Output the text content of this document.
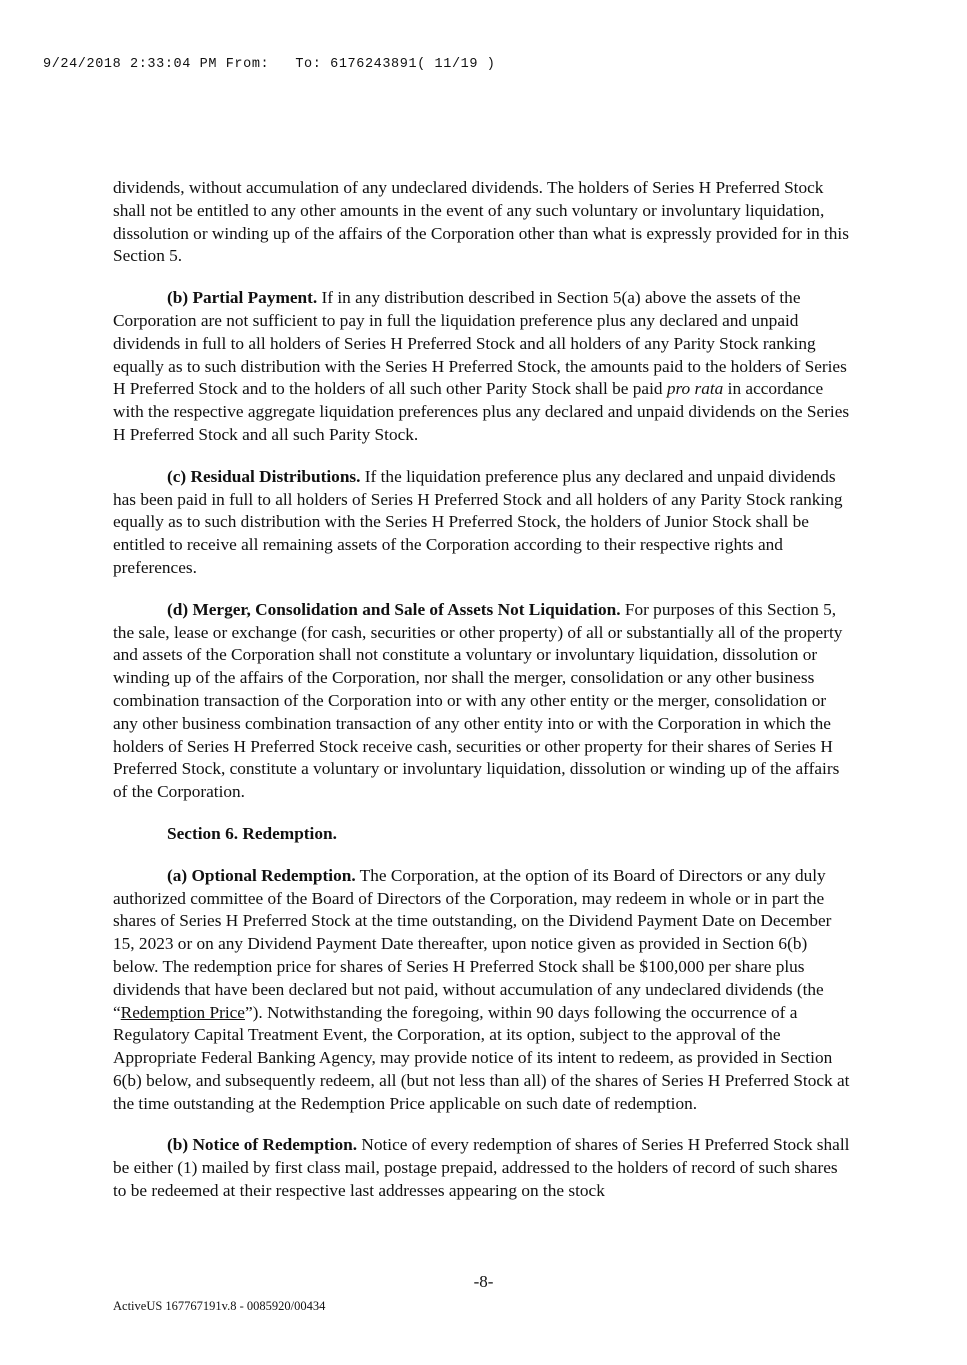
9/24/2018 2:33:04 PM From:   To: 6176243891( 11/19 )

dividends, without accumulation of any undeclared dividends. The holders of Series H Preferred Stock shall not be entitled to any other amounts in the event of any such voluntary or involuntary liquidation, dissolution or winding up of the affairs of the Corporation other than what is expressly provided for in this Section 5.

(b) Partial Payment. If in any distribution described in Section 5(a) above the assets of the Corporation are not sufficient to pay in full the liquidation preference plus any declared and unpaid dividends in full to all holders of Series H Preferred Stock and all holders of any Parity Stock ranking equally as to such distribution with the Series H Preferred Stock, the amounts paid to the holders of Series H Preferred Stock and to the holders of all such other Parity Stock shall be paid pro rata in accordance with the respective aggregate liquidation preferences plus any declared and unpaid dividends on the Series H Preferred Stock and all such Parity Stock.

(c) Residual Distributions. If the liquidation preference plus any declared and unpaid dividends has been paid in full to all holders of Series H Preferred Stock and all holders of any Parity Stock ranking equally as to such distribution with the Series H Preferred Stock, the holders of Junior Stock shall be entitled to receive all remaining assets of the Corporation according to their respective rights and preferences.

(d) Merger, Consolidation and Sale of Assets Not Liquidation. For purposes of this Section 5, the sale, lease or exchange (for cash, securities or other property) of all or substantially all of the property and assets of the Corporation shall not constitute a voluntary or involuntary liquidation, dissolution or winding up of the affairs of the Corporation, nor shall the merger, consolidation or any other business combination transaction of the Corporation into or with any other entity or the merger, consolidation or any other business combination transaction of any other entity into or with the Corporation in which the holders of Series H Preferred Stock receive cash, securities or other property for their shares of Series H Preferred Stock, constitute a voluntary or involuntary liquidation, dissolution or winding up of the affairs of the Corporation.

Section 6. Redemption.

(a) Optional Redemption. The Corporation, at the option of its Board of Directors or any duly authorized committee of the Board of Directors of the Corporation, may redeem in whole or in part the shares of Series H Preferred Stock at the time outstanding, on the Dividend Payment Date on December 15, 2023 or on any Dividend Payment Date thereafter, upon notice given as provided in Section 6(b) below. The redemption price for shares of Series H Preferred Stock shall be $100,000 per share plus dividends that have been declared but not paid, without accumulation of any undeclared dividends (the “Redemption Price”). Notwithstanding the foregoing, within 90 days following the occurrence of a Regulatory Capital Treatment Event, the Corporation, at its option, subject to the approval of the Appropriate Federal Banking Agency, may provide notice of its intent to redeem, as provided in Section 6(b) below, and subsequently redeem, all (but not less than all) of the shares of Series H Preferred Stock at the time outstanding at the Redemption Price applicable on such date of redemption.

(b) Notice of Redemption. Notice of every redemption of shares of Series H Preferred Stock shall be either (1) mailed by first class mail, postage prepaid, addressed to the holders of record of such shares to be redeemed at their respective last addresses appearing on the stock

-8-
ActiveUS 167767191v.8 - 0085920/00434
